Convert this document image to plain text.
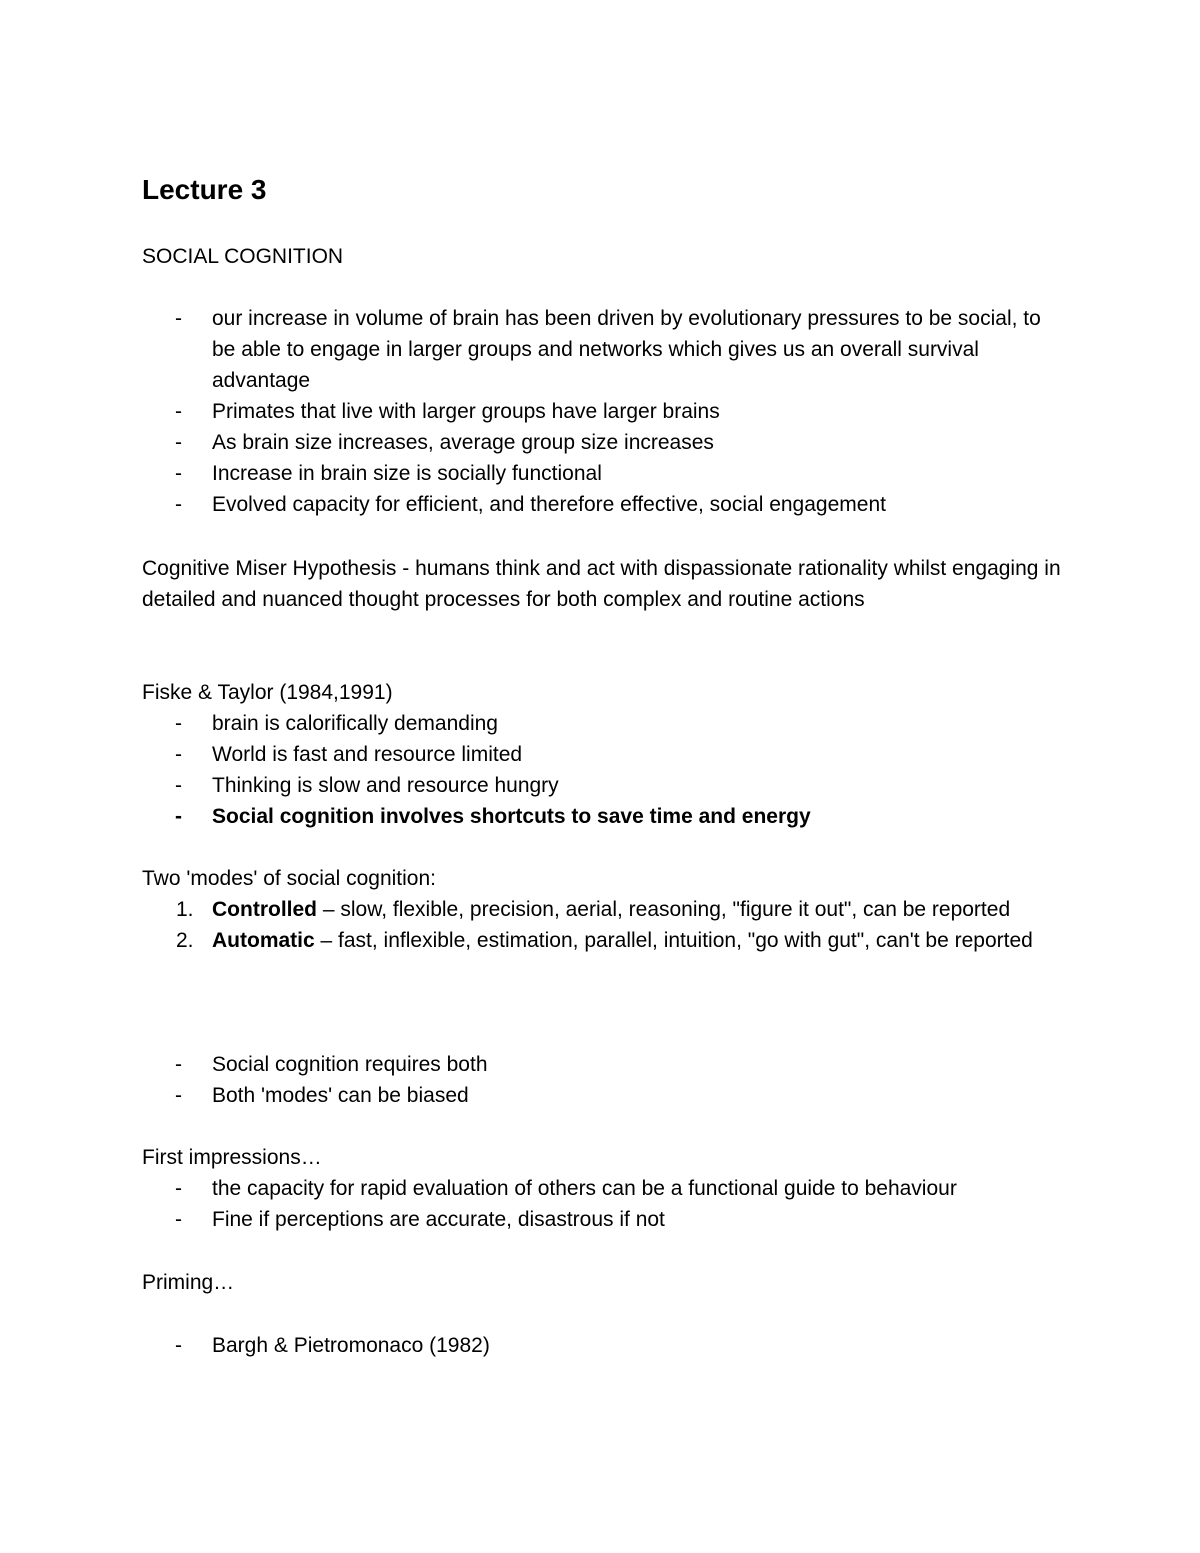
Lecture 3
SOCIAL COGNITION
-	our increase in volume of brain has been driven by evolutionary pressures to be social, to be able to engage in larger groups and networks which gives us an overall survival advantage
-	Primates that live with larger groups have larger brains
-	As brain size increases, average group size increases
-	Increase in brain size is socially functional
-	Evolved capacity for efficient, and therefore effective, social engagement

Cognitive Miser Hypothesis - humans think and act with dispassionate rationality whilst engaging in detailed and nuanced thought processes for both complex and routine actions

Fiske & Taylor (1984,1991)
-	brain is calorifically demanding
-	World is fast and resource limited
-	Thinking is slow and resource hungry
-	Social cognition involves shortcuts to save time and energy
Two 'modes' of social cognition:
1. Controlled – slow, flexible, precision, aerial, reasoning, "figure it out", can be reported
2. Automatic – fast, inflexible, estimation, parallel, intuition, "go with gut", can't be reported
-	Social cognition requires both
-	Both 'modes' can be biased
First impressions…
-	the capacity for rapid evaluation of others can be a functional guide to behaviour
-	Fine if perceptions are accurate, disastrous if not
Priming…
-	Bargh & Pietromonaco (1982)
